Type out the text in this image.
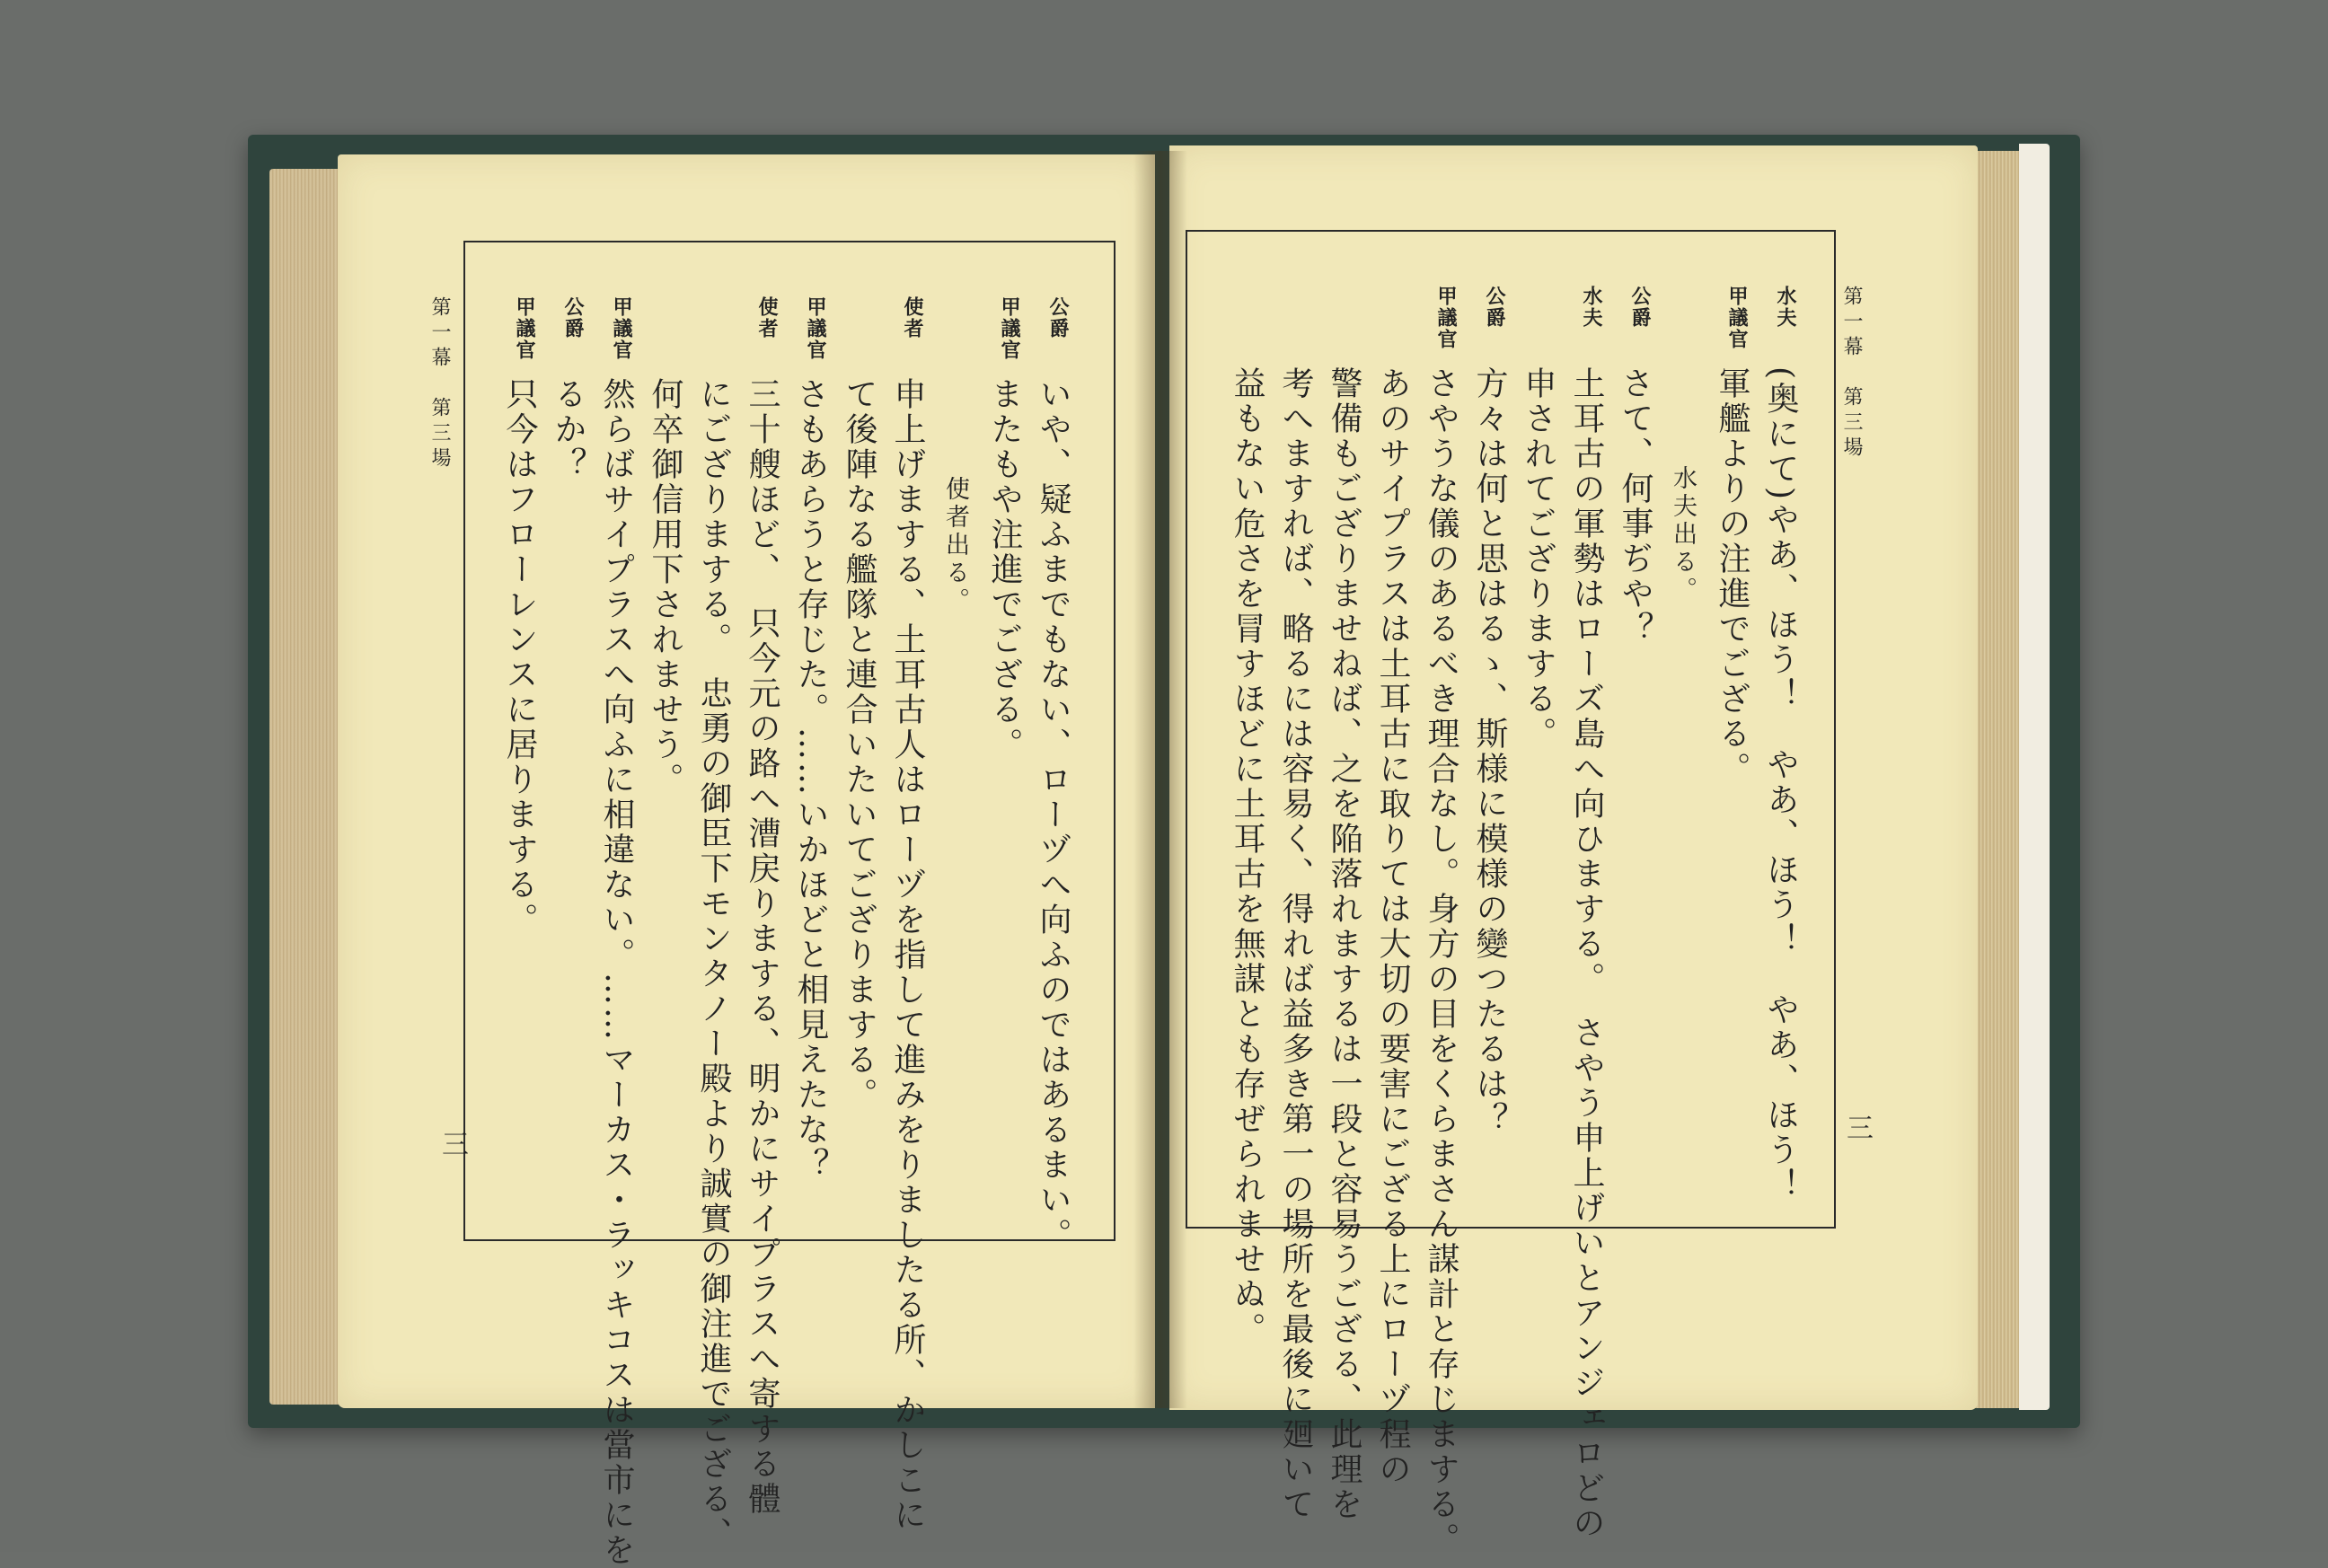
第一幕　第三場
第一幕　第三場
三
三
水夫
甲議官
公爵
水夫
公爵
甲議官
(奥にて)やあ、ほう！　やあ、ほう！　やあ、ほう！
軍艦よりの注進でござる。
水夫出る。
さて、何事ぢや？
土耳古の軍勢はローズ島へ向ひまする。　さやう申上げいとアンジェロどの
申されてござりまする。
方々は何と思はるゝ、斯様に模様の變つたるは？
さやうな儀のあるべき理合なし。身方の目をくらまさん謀計と存じまする。
あのサイプラスは土耳古に取りては大切の要害にござる上にローヅ程の
警備もござりませねば、之を陥落れまするは一段と容易うござる、此理を
考へますれば、略るには容易く、得れば益多き第一の場所を最後に廻いて
益もない危さを冐すほどに土耳古を無謀とも存ぜられませぬ。
公爵
甲議官
使者
甲議官
使者
甲議官
公爵
甲議官
いや、疑ふまでもない、ローヅへ向ふのではあるまい。
またもや注進でござる。
使者出る。
申上げまする、土耳古人はローヅを指して進みをりましたる所、かしこに
て後陣なる艦隊と連合いたいてござりまする。
さもあらうと存じた。……いかほどと相見えたな？
三十艘ほど、　只今元の路へ漕戻りまする、明かにサイプラスへ寄する體
にござりまする。　忠勇の御臣下モンタノー殿より誠實の御注進でござる、
何卒御信用下されませう。
然らばサイプラスへ向ふに相違ない。……マーカス・ラッキコスは當市にを
るか？
只今はフローレンスに居りまする。
